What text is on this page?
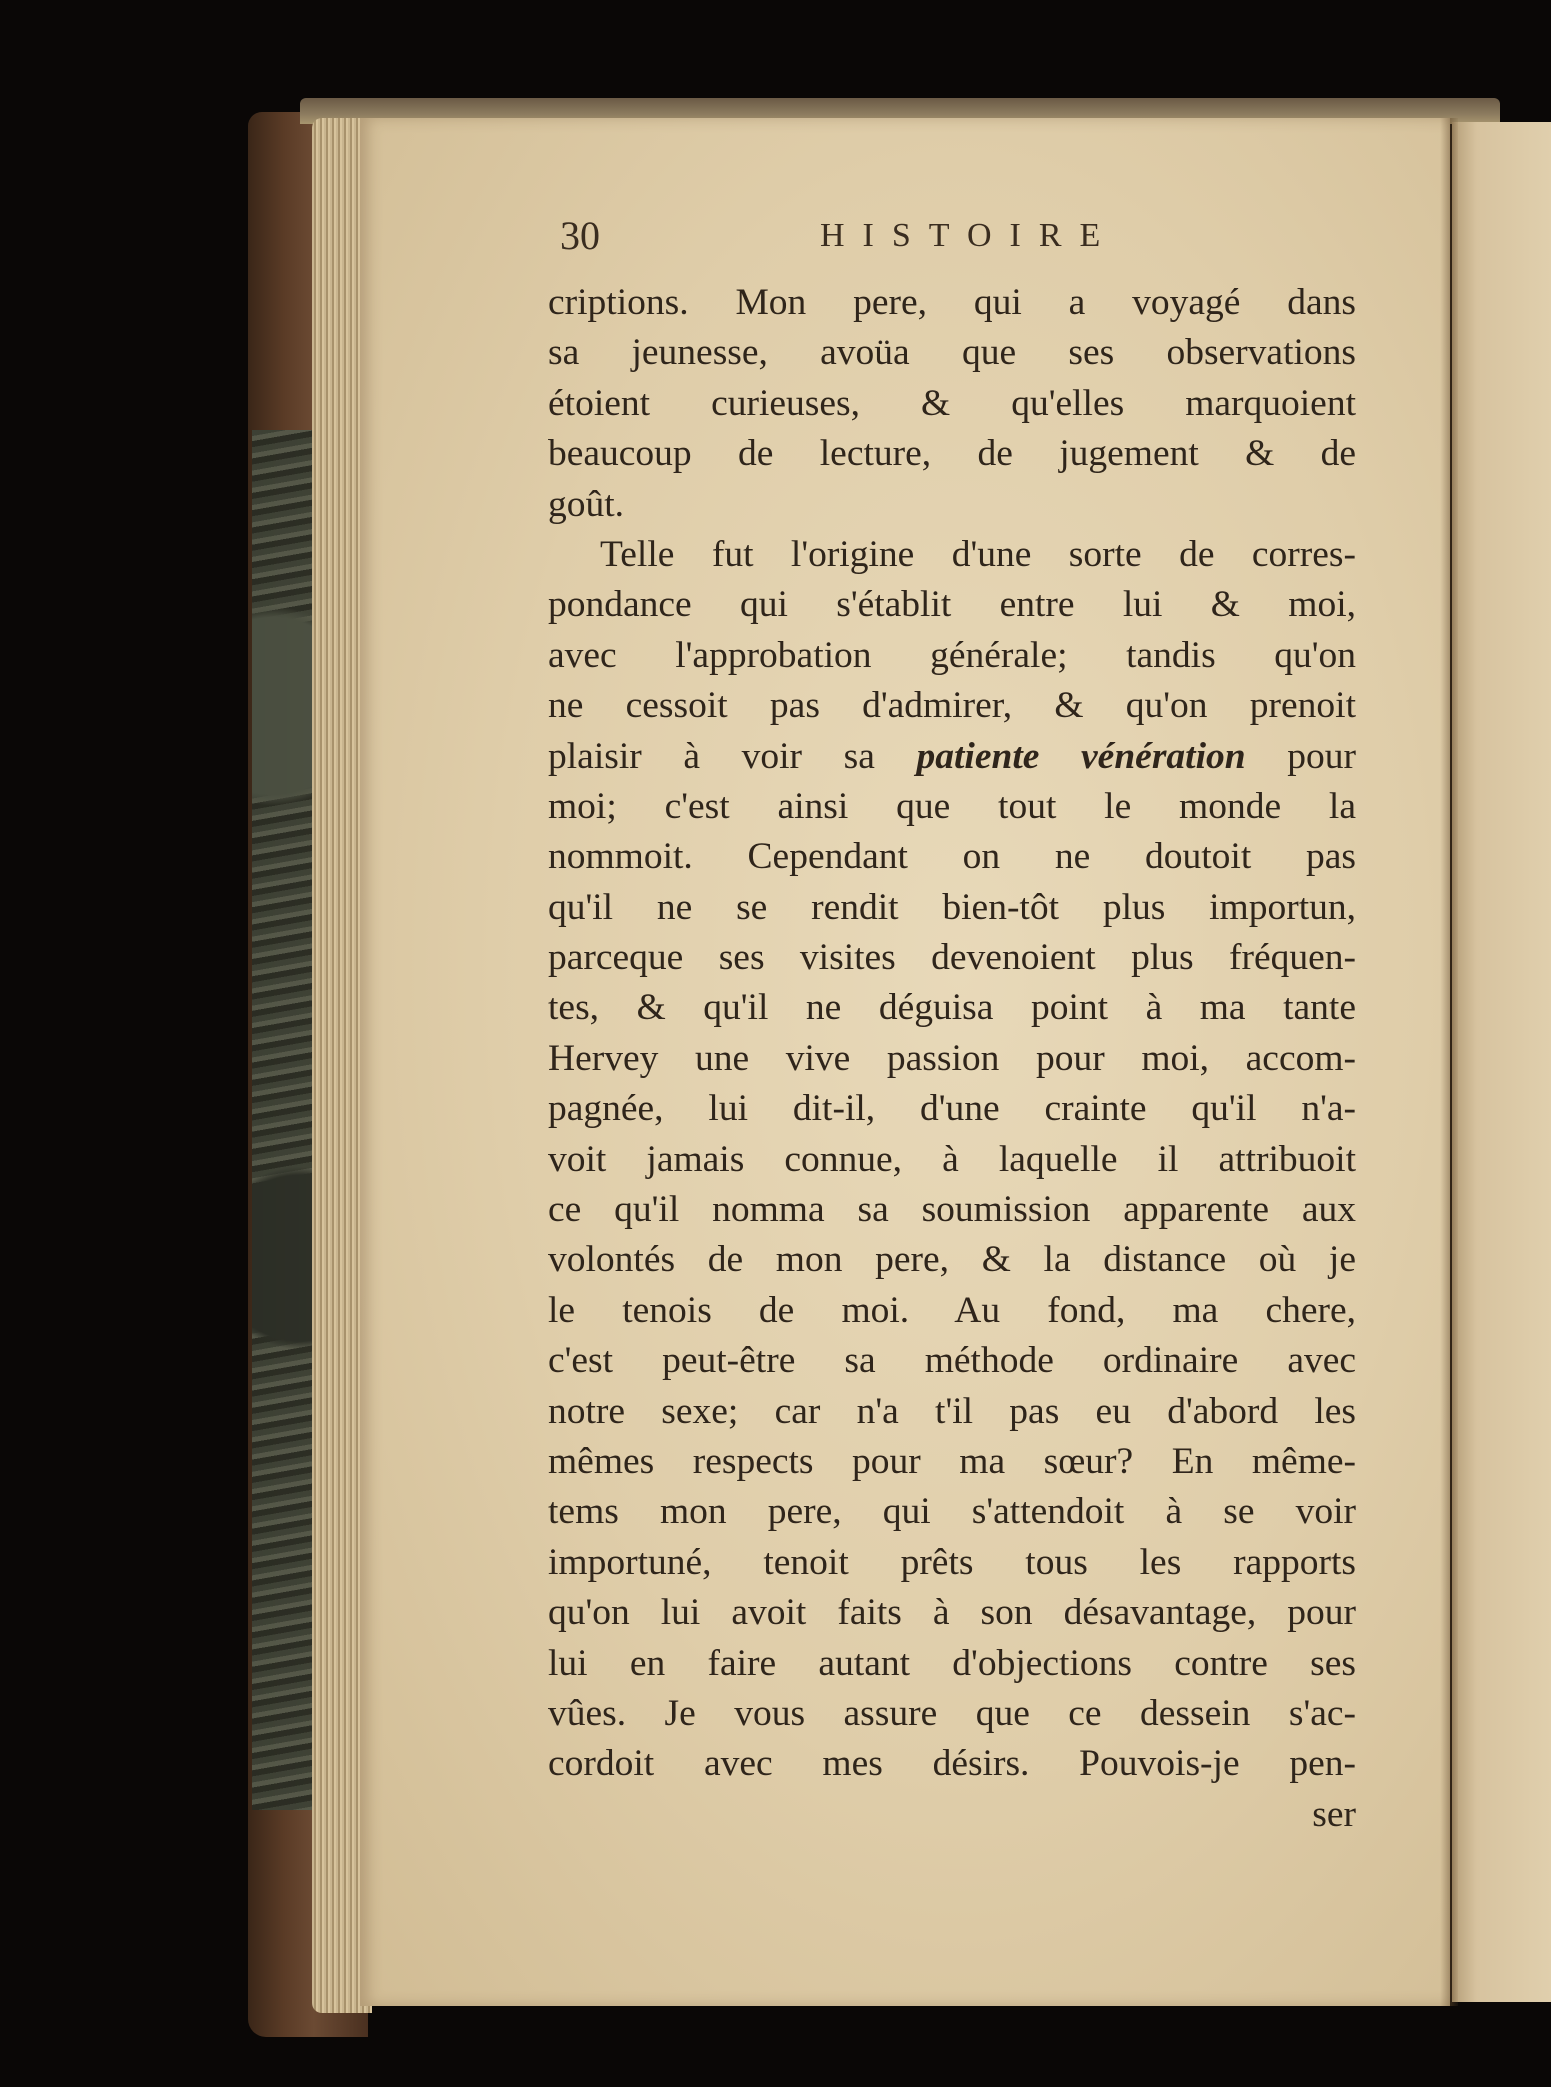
30	HISTOIRE
criptions. Mon pere, qui a voyagé dans
sa jeunesse, avoüa que ses observations
étoient curieuses, & qu'elles marquoient
beaucoup de lecture, de jugement & de
goût.
Telle fut l'origine d'une sorte de corres-
pondance qui s'établit entre lui & moi,
avec l'approbation générale; tandis qu'on
ne cessoit pas d'admirer, & qu'on prenoit
plaisir à voir sa patiente vénération pour
moi; c'est ainsi que tout le monde la
nommoit. Cependant on ne doutoit pas
qu'il ne se rendit bien-tôt plus importun,
parceque ses visites devenoient plus fréquen-
tes, & qu'il ne déguisa point à ma tante
Hervey une vive passion pour moi, accom-
pagnée, lui dit-il, d'une crainte qu'il n'a-
voit jamais connue, à laquelle il attribuoit
ce qu'il nomma sa soumission apparente aux
volontés de mon pere, & la distance où je
le tenois de moi. Au fond, ma chere,
c'est peut-être sa méthode ordinaire avec
notre sexe; car n'a t'il pas eu d'abord les
mêmes respects pour ma sœur? En même-
tems mon pere, qui s'attendoit à se voir
importuné, tenoit prêts tous les rapports
qu'on lui avoit faits à son désavantage, pour
lui en faire autant d'objections contre ses
vûes. Je vous assure que ce dessein s'ac-
cordoit avec mes désirs. Pouvois-je pen-
ser
